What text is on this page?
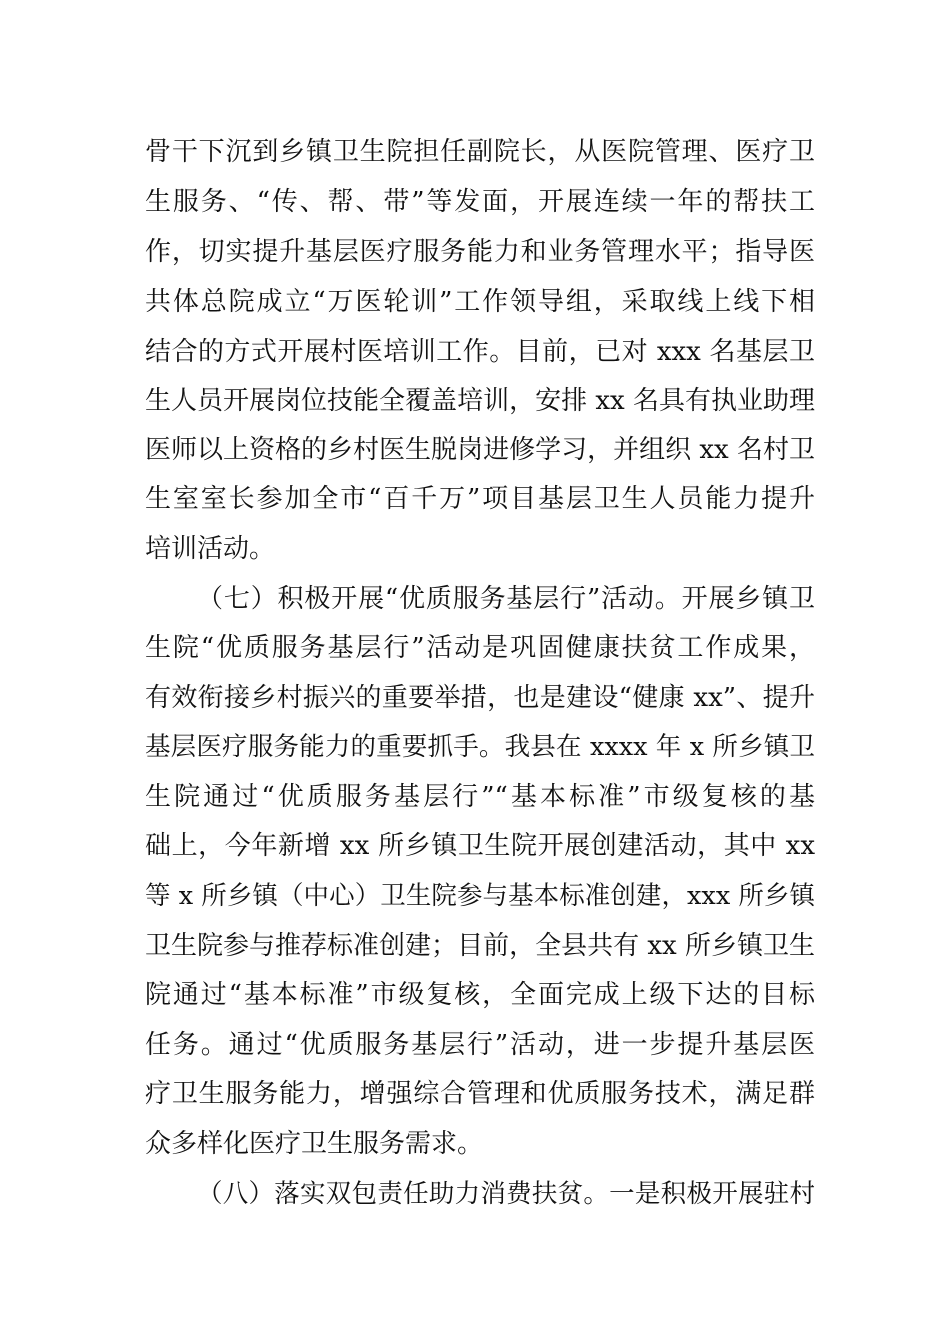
骨干下沉到乡镇卫生院担任副院长，从医院管理、医疗卫
生服务、“传、帮、带”等发面，开展连续一年的帮扶工
作，切实提升基层医疗服务能力和业务管理水平；指导医
共体总院成立“万医轮训”工作领导组，采取线上线下相
结合的方式开展村医培训工作。目前，已对 xxx 名基层卫
生人员开展岗位技能全覆盖培训，安排 xx 名具有执业助理
医师以上资格的乡村医生脱岗进修学习，并组织 xx 名村卫
生室室长参加全市“百千万”项目基层卫生人员能力提升
培训活动。
（七）积极开展“优质服务基层行”活动。开展乡镇卫
生院“优质服务基层行”活动是巩固健康扶贫工作成果，
有效衔接乡村振兴的重要举措，也是建设“健康 xx”、提升
基层医疗服务能力的重要抓手。我县在 xxxx 年 x 所乡镇卫
生院通过“优质服务基层行”“基本标准”市级复核的基
础上，今年新增 xx 所乡镇卫生院开展创建活动，其中 xx
等 x 所乡镇（中心）卫生院参与基本标准创建，xxx 所乡镇
卫生院参与推荐标准创建；目前，全县共有 xx 所乡镇卫生
院通过“基本标准”市级复核，全面完成上级下达的目标
任务。通过“优质服务基层行”活动，进一步提升基层医
疗卫生服务能力，增强综合管理和优质服务技术，满足群
众多样化医疗卫生服务需求。
（八）落实双包责任助力消费扶贫。一是积极开展驻村
